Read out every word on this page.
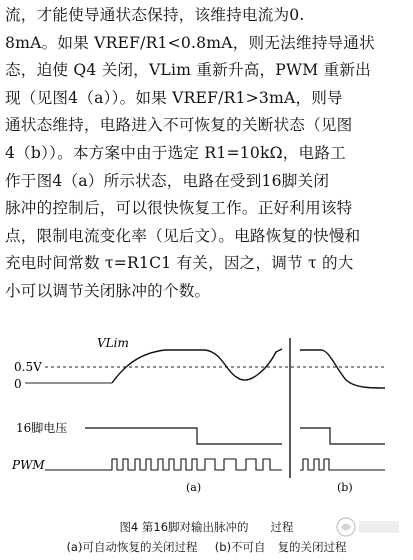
流，才能使导通状态保持，该维持电流为0.
8mA。如果 VREF/R1<0.8mA，则无法维持导通状
态，迫使 Q4 关闭，VLim 重新升高，PWM 重新出
现（见图4（a））。如果 VREF/R1>3mA，则导
通状态维持，电路进入不可恢复的关断状态（见图
4（b））。本方案中由于选定 R1=10kΩ，电路工
作于图4（a）所示状态，电路在受到16脚关闭
脉冲的控制后，可以很快恢复工作。正好利用该特
点，限制电流变化率（见后文）。电路恢复的快慢和
充电时间常数 τ=R1C1 有关，因之，调节 τ 的大
小可以调节关闭脉冲的个数。
VLim
0.5V
0
16脚电压
PWM
(a)	(b)
图4 第16脚对输出脉冲的 过程
(a)可自动恢复的关闭过程 (b)不可自 复的关闭过程
